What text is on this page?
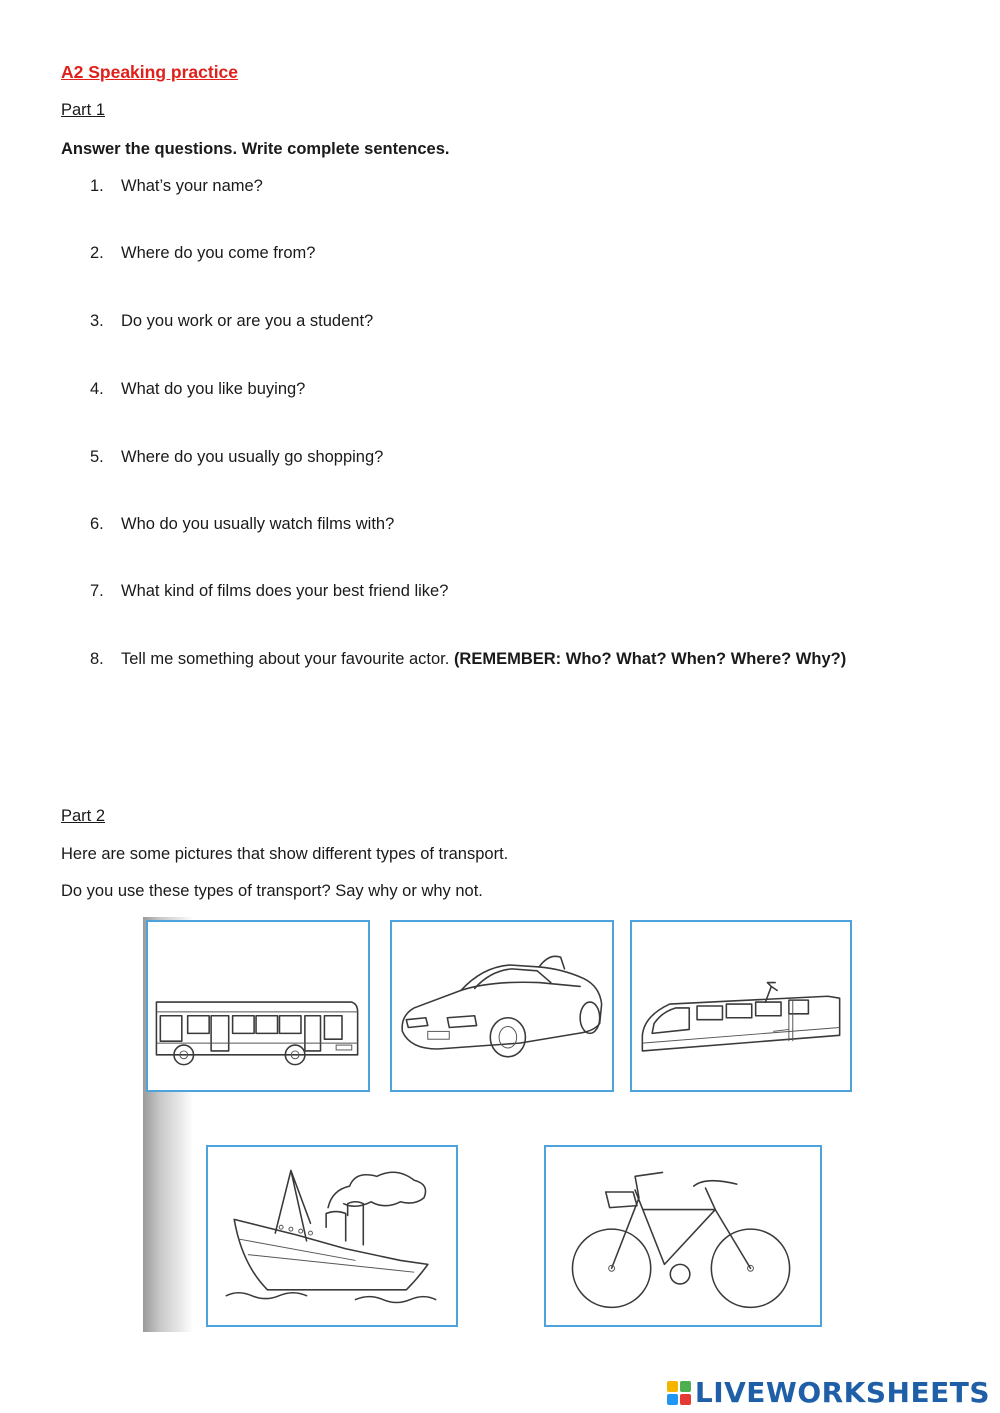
A2 Speaking practice
Part 1
Answer the questions. Write complete sentences.
1. What’s your name?
2. Where do you come from?
3. Do you work or are you a student?
4. What do you like buying?
5. Where do you usually go shopping?
6. Who do you usually watch films with?
7. What kind of films does your best friend like?
8. Tell me something about your favourite actor. (REMEMBER: Who? What? When? Where? Why?)
Part 2
Here are some pictures that show different types of transport.
Do you use these types of transport? Say why or why not.
LIVEWORKSHEETS
